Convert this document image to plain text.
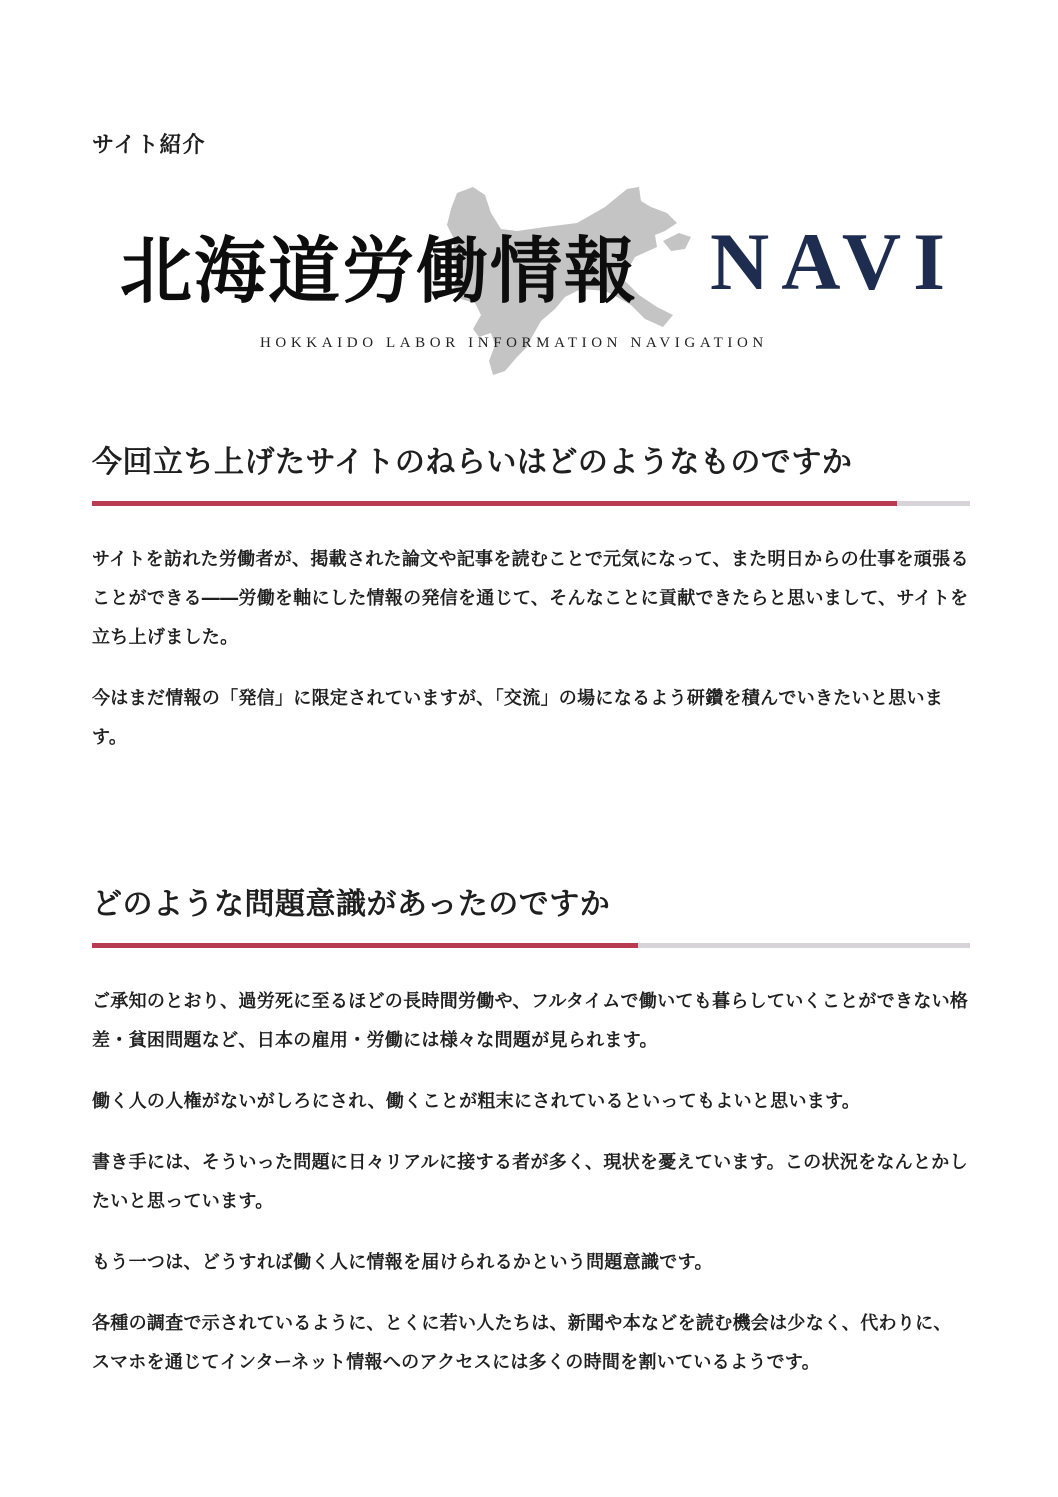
サイト紹介

北海道労働情報 NAVI

HOKKAIDO LABOR INFORMATION NAVIGATION

今回立ち上げたサイトのねらいはどのようなものですか

サイトを訪れた労働者が、掲載された論文や記事を読むことで元気になって、また明日からの仕事を頑張ることができる――労働を軸にした情報の発信を通じて、そんなことに貢献できたらと思いまして、サイトを立ち上げました。

今はまだ情報の「発信」に限定されていますが、「交流」の場になるよう研鑽を積んでいきたいと思います。

どのような問題意識があったのですか

ご承知のとおり、過労死に至るほどの長時間労働や、フルタイムで働いても暮らしていくことができない格差・貧困問題など、日本の雇用・労働には様々な問題が見られます。

働く人の人権がないがしろにされ、働くことが粗末にされているといってもよいと思います。

書き手には、そういった問題に日々リアルに接する者が多く、現状を憂えています。この状況をなんとかしたいと思っています。

もう一つは、どうすれば働く人に情報を届けられるかという問題意識です。

各種の調査で示されているように、とくに若い人たちは、新聞や本などを読む機会は少なく、代わりに、スマホを通じてインターネット情報へのアクセスには多くの時間を割いているようです。
